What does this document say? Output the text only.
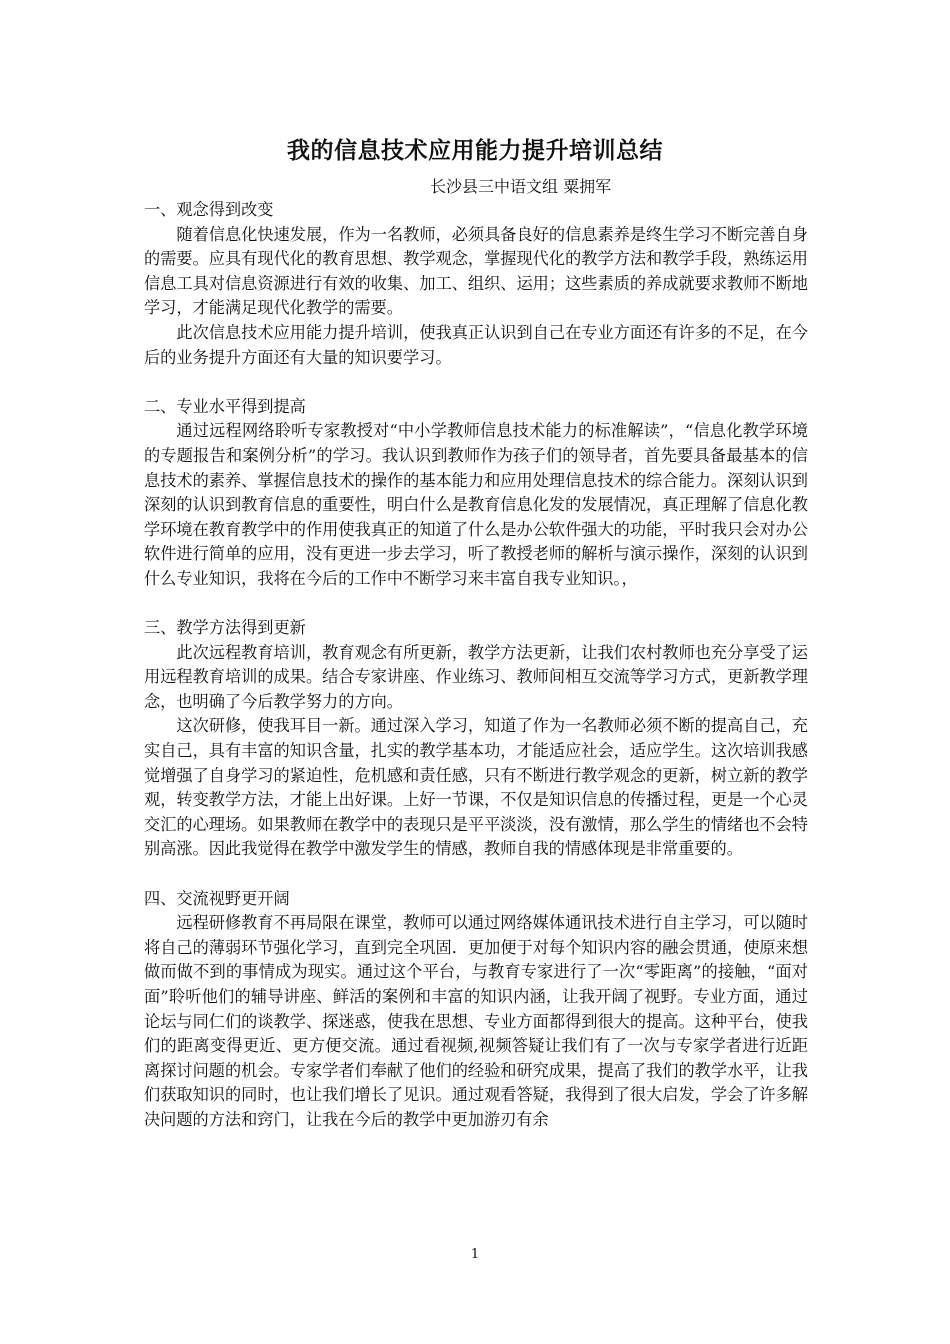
我的信息技术应用能力提升培训总结
长沙县三中语文组 粟拥军

一、观念得到改变

随着信息化快速发展，作为一名教师，必须具备良好的信息素养是终生学习不断完善自身的需要。应具有现代化的教育思想、教学观念，掌握现代化的教学方法和教学手段，熟练运用信息工具对信息资源进行有效的收集、加工、组织、运用；这些素质的养成就要求教师不断地学习，才能满足现代化教学的需要。

此次信息技术应用能力提升培训，使我真正认识到自己在专业方面还有许多的不足，在今后的业务提升方面还有大量的知识要学习。

二、专业水平得到提高

通过远程网络聆听专家教授对“中小学教师信息技术能力的标准解读”，“信息化教学环境的专题报告和案例分析”的学习。我认识到教师作为孩子们的领导者，首先要具备最基本的信息技术的素养、掌握信息技术的操作的基本能力和应用处理信息技术的综合能力。深刻认识到深刻的认识到教育信息的重要性，明白什么是教育信息化发的发展情况，真正理解了信息化教学环境在教育教学中的作用使我真正的知道了什么是办公软件强大的功能，平时我只会对办公软件进行简单的应用，没有更进一步去学习，听了教授老师的解析与演示操作，深刻的认识到什么专业知识，我将在今后的工作中不断学习来丰富自我专业知识。，

三、教学方法得到更新

此次远程教育培训，教育观念有所更新，教学方法更新，让我们农村教师也充分享受了运用远程教育培训的成果。结合专家讲座、作业练习、教师间相互交流等学习方式，更新教学理念，也明确了今后教学努力的方向。

这次研修，使我耳目一新。通过深入学习，知道了作为一名教师必须不断的提高自己，充实自己，具有丰富的知识含量，扎实的教学基本功，才能适应社会，适应学生。这次培训我感觉增强了自身学习的紧迫性，危机感和责任感，只有不断进行教学观念的更新，树立新的教学观，转变教学方法，才能上出好课。上好一节课，不仅是知识信息的传播过程，更是一个心灵交汇的心理场。如果教师在教学中的表现只是平平淡淡，没有激情，那么学生的情绪也不会特别高涨。因此我觉得在教学中激发学生的情感，教师自我的情感体现是非常重要的。

四、交流视野更开阔

远程研修教育不再局限在课堂，教师可以通过网络媒体通讯技术进行自主学习，可以随时将自己的薄弱环节强化学习，直到完全巩固．更加便于对每个知识内容的融会贯通，使原来想做而做不到的事情成为现实。通过这个平台，与教育专家进行了一次“零距离”的接触，“面对面”聆听他们的辅导讲座、鲜活的案例和丰富的知识内涵，让我开阔了视野。专业方面，通过论坛与同仁们的谈教学、探迷惑，使我在思想、专业方面都得到很大的提高。这种平台，使我们的距离变得更近、更方便交流。通过看视频,视频答疑让我们有了一次与专家学者进行近距离探讨问题的机会。专家学者们奉献了他们的经验和研究成果，提高了我们的教学水平，让我们获取知识的同时，也让我们增长了见识。通过观看答疑，我得到了很大启发，学会了许多解决问题的方法和窍门，让我在今后的教学中更加游刃有余

1
